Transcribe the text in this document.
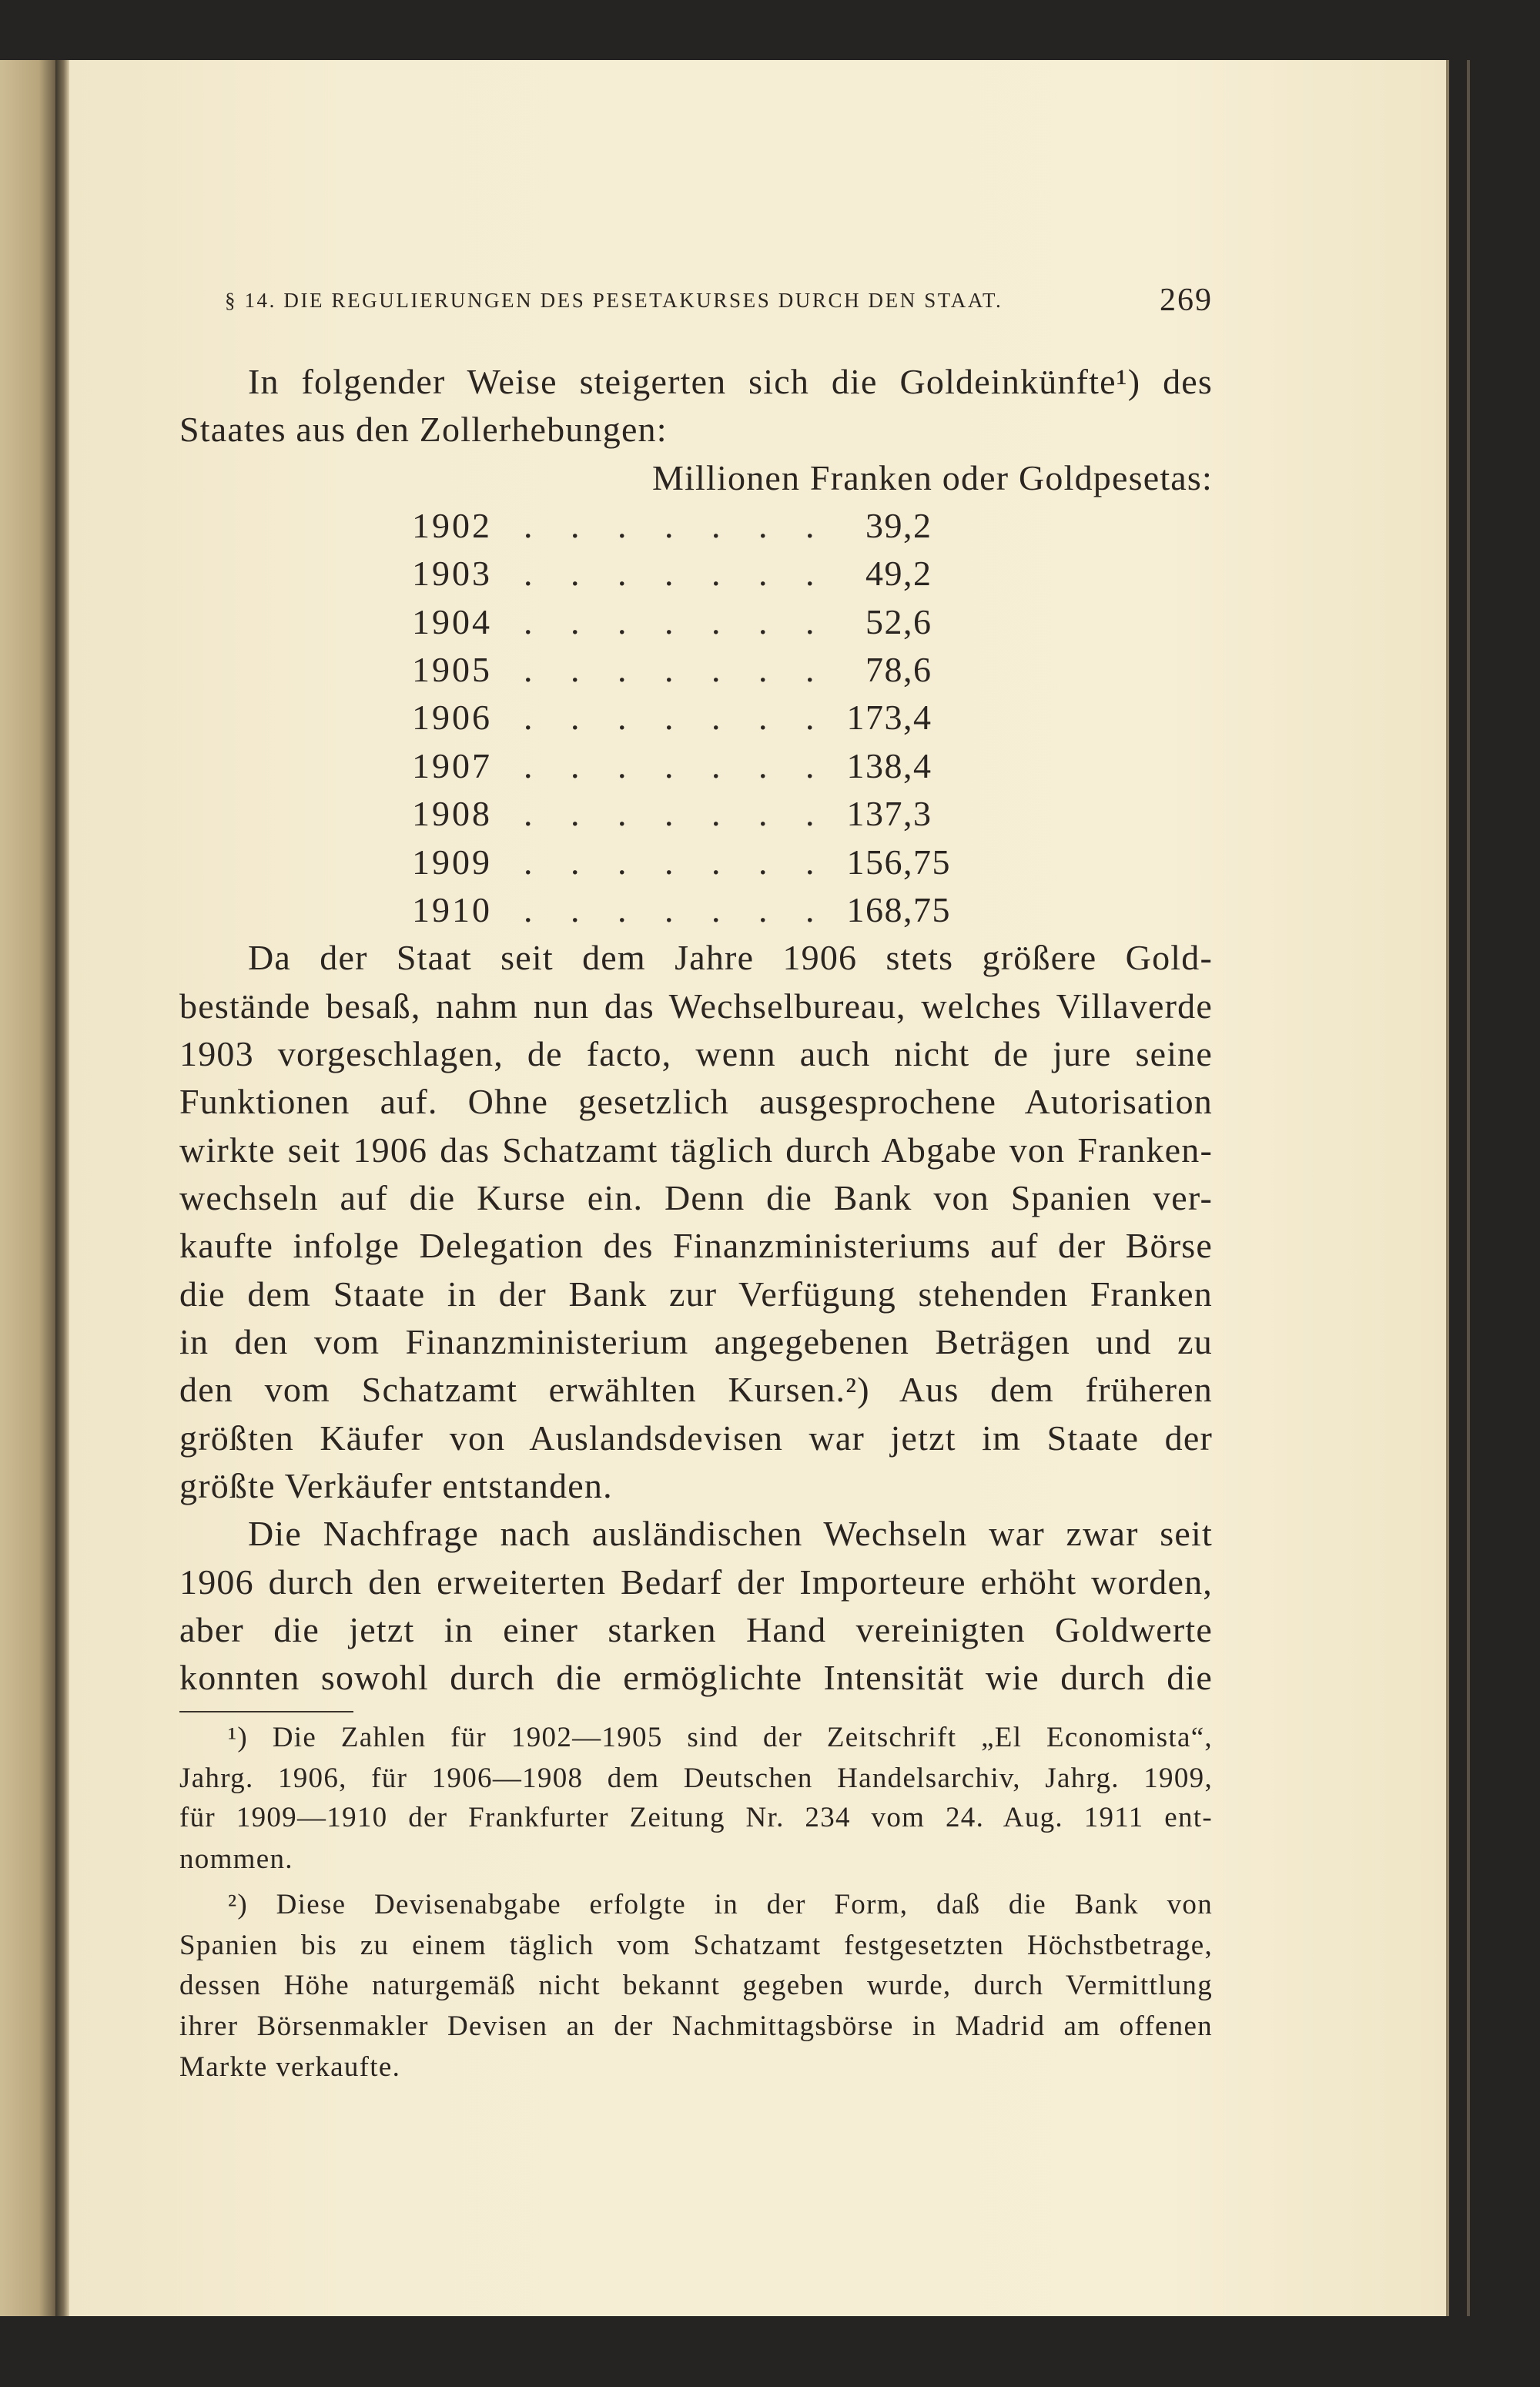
§ 14. DIE REGULIERUNGEN DES PESETAKURSES DURCH DEN STAAT.	269
In folgender Weise steigerten sich die Goldeinkünfte¹) des
Staates aus den Zollerhebungen:
Millionen Franken oder Goldpesetas:
1902 . . . . . . . 39,2
1903 . . . . . . . 49,2
1904 . . . . . . . 52,6
1905 . . . . . . . 78,6
1906 . . . . . . . 173,4
1907 . . . . . . . 138,4
1908 . . . . . . . 137,3
1909 . . . . . . . 156,75
1910 . . . . . . . 168,75
Da der Staat seit dem Jahre 1906 stets größere Gold-
bestände besaß, nahm nun das Wechselbureau, welches Villaverde
1903 vorgeschlagen, de facto, wenn auch nicht de jure seine
Funktionen auf. Ohne gesetzlich ausgesprochene Autorisation
wirkte seit 1906 das Schatzamt täglich durch Abgabe von Franken-
wechseln auf die Kurse ein. Denn die Bank von Spanien ver-
kaufte infolge Delegation des Finanzministeriums auf der Börse
die dem Staate in der Bank zur Verfügung stehenden Franken
in den vom Finanzministerium angegebenen Beträgen und zu
den vom Schatzamt erwählten Kursen.²) Aus dem früheren
größten Käufer von Auslandsdevisen war jetzt im Staate der
größte Verkäufer entstanden.
Die Nachfrage nach ausländischen Wechseln war zwar seit
1906 durch den erweiterten Bedarf der Importeure erhöht worden,
aber die jetzt in einer starken Hand vereinigten Goldwerte
konnten sowohl durch die ermöglichte Intensität wie durch die
¹) Die Zahlen für 1902—1905 sind der Zeitschrift „El Economista“,
Jahrg. 1906, für 1906—1908 dem Deutschen Handelsarchiv, Jahrg. 1909,
für 1909—1910 der Frankfurter Zeitung Nr. 234 vom 24. Aug. 1911 ent-
nommen.
²) Diese Devisenabgabe erfolgte in der Form, daß die Bank von
Spanien bis zu einem täglich vom Schatzamt festgesetzten Höchstbetrage,
dessen Höhe naturgemäß nicht bekannt gegeben wurde, durch Vermittlung
ihrer Börsenmakler Devisen an der Nachmittagsbörse in Madrid am offenen
Markte verkaufte.
